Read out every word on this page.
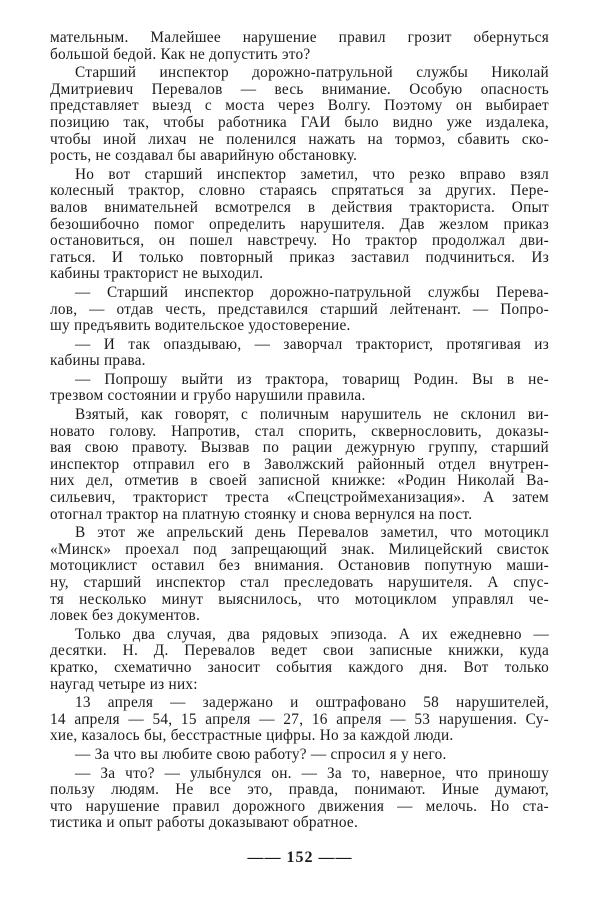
мательным. Малейшее нарушение правил грозит обернуться
большой бедой. Как не допустить это?
Старший инспектор дорожно-патрульной службы Николай
Дмитриевич Перевалов — весь внимание. Особую опасность
представляет выезд с моста через Волгу. Поэтому он выбирает
позицию так, чтобы работника ГАИ было видно уже издалека,
чтобы иной лихач не поленился нажать на тормоз, сбавить ско-
рость, не создавал бы аварийную обстановку.
Но вот старший инспектор заметил, что резко вправо взял
колесный трактор, словно стараясь спрятаться за других. Пере-
валов внимательней всмотрелся в действия тракториста. Опыт
безошибочно помог определить нарушителя. Дав жезлом приказ
остановиться, он пошел навстречу. Но трактор продолжал дви-
гаться. И только повторный приказ заставил подчиниться. Из
кабины тракторист не выходил.
— Старший инспектор дорожно-патрульной службы Перева-
лов, — отдав честь, представился старший лейтенант. — Попро-
шу предъявить водительское удостоверение.
— И так опаздываю, — заворчал тракторист, протягивая из
кабины права.
— Попрошу выйти из трактора, товарищ Родин. Вы в не-
трезвом состоянии и грубо нарушили правила.
Взятый, как говорят, с поличным нарушитель не склонил ви-
новато голову. Напротив, стал спорить, сквернословить, доказы-
вая свою правоту. Вызвав по рации дежурную группу, старший
инспектор отправил его в Заволжский районный отдел внутрен-
них дел, отметив в своей записной книжке: «Родин Николай Ва-
сильевич, тракторист треста «Спецстроймеханизация». А затем
отогнал трактор на платную стоянку и снова вернулся на пост.
В этот же апрельский день Перевалов заметил, что мотоцикл
«Минск» проехал под запрещающий знак. Милицейский свисток
мотоциклист оставил без внимания. Остановив попутную маши-
ну, старший инспектор стал преследовать нарушителя. А спус-
тя несколько минут выяснилось, что мотоциклом управлял че-
ловек без документов.
Только два случая, два рядовых эпизода. А их ежедневно —
десятки. Н. Д. Перевалов ведет свои записные книжки, куда
кратко, схематично заносит события каждого дня. Вот только
наугад четыре из них:
13 апреля — задержано и оштрафовано 58 нарушителей,
14 апреля — 54, 15 апреля — 27, 16 апреля — 53 нарушения. Су-
хие, казалось бы, бесстрастные цифры. Но за каждой люди.
— За что вы любите свою работу? — спросил я у него.
— За что? — улыбнулся он. — За то, наверное, что приношу
пользу людям. Не все это, правда, понимают. Иные думают,
что нарушение правил дорожного движения — мелочь. Но ста-
тистика и опыт работы доказывают обратное.
—— 152 ——
